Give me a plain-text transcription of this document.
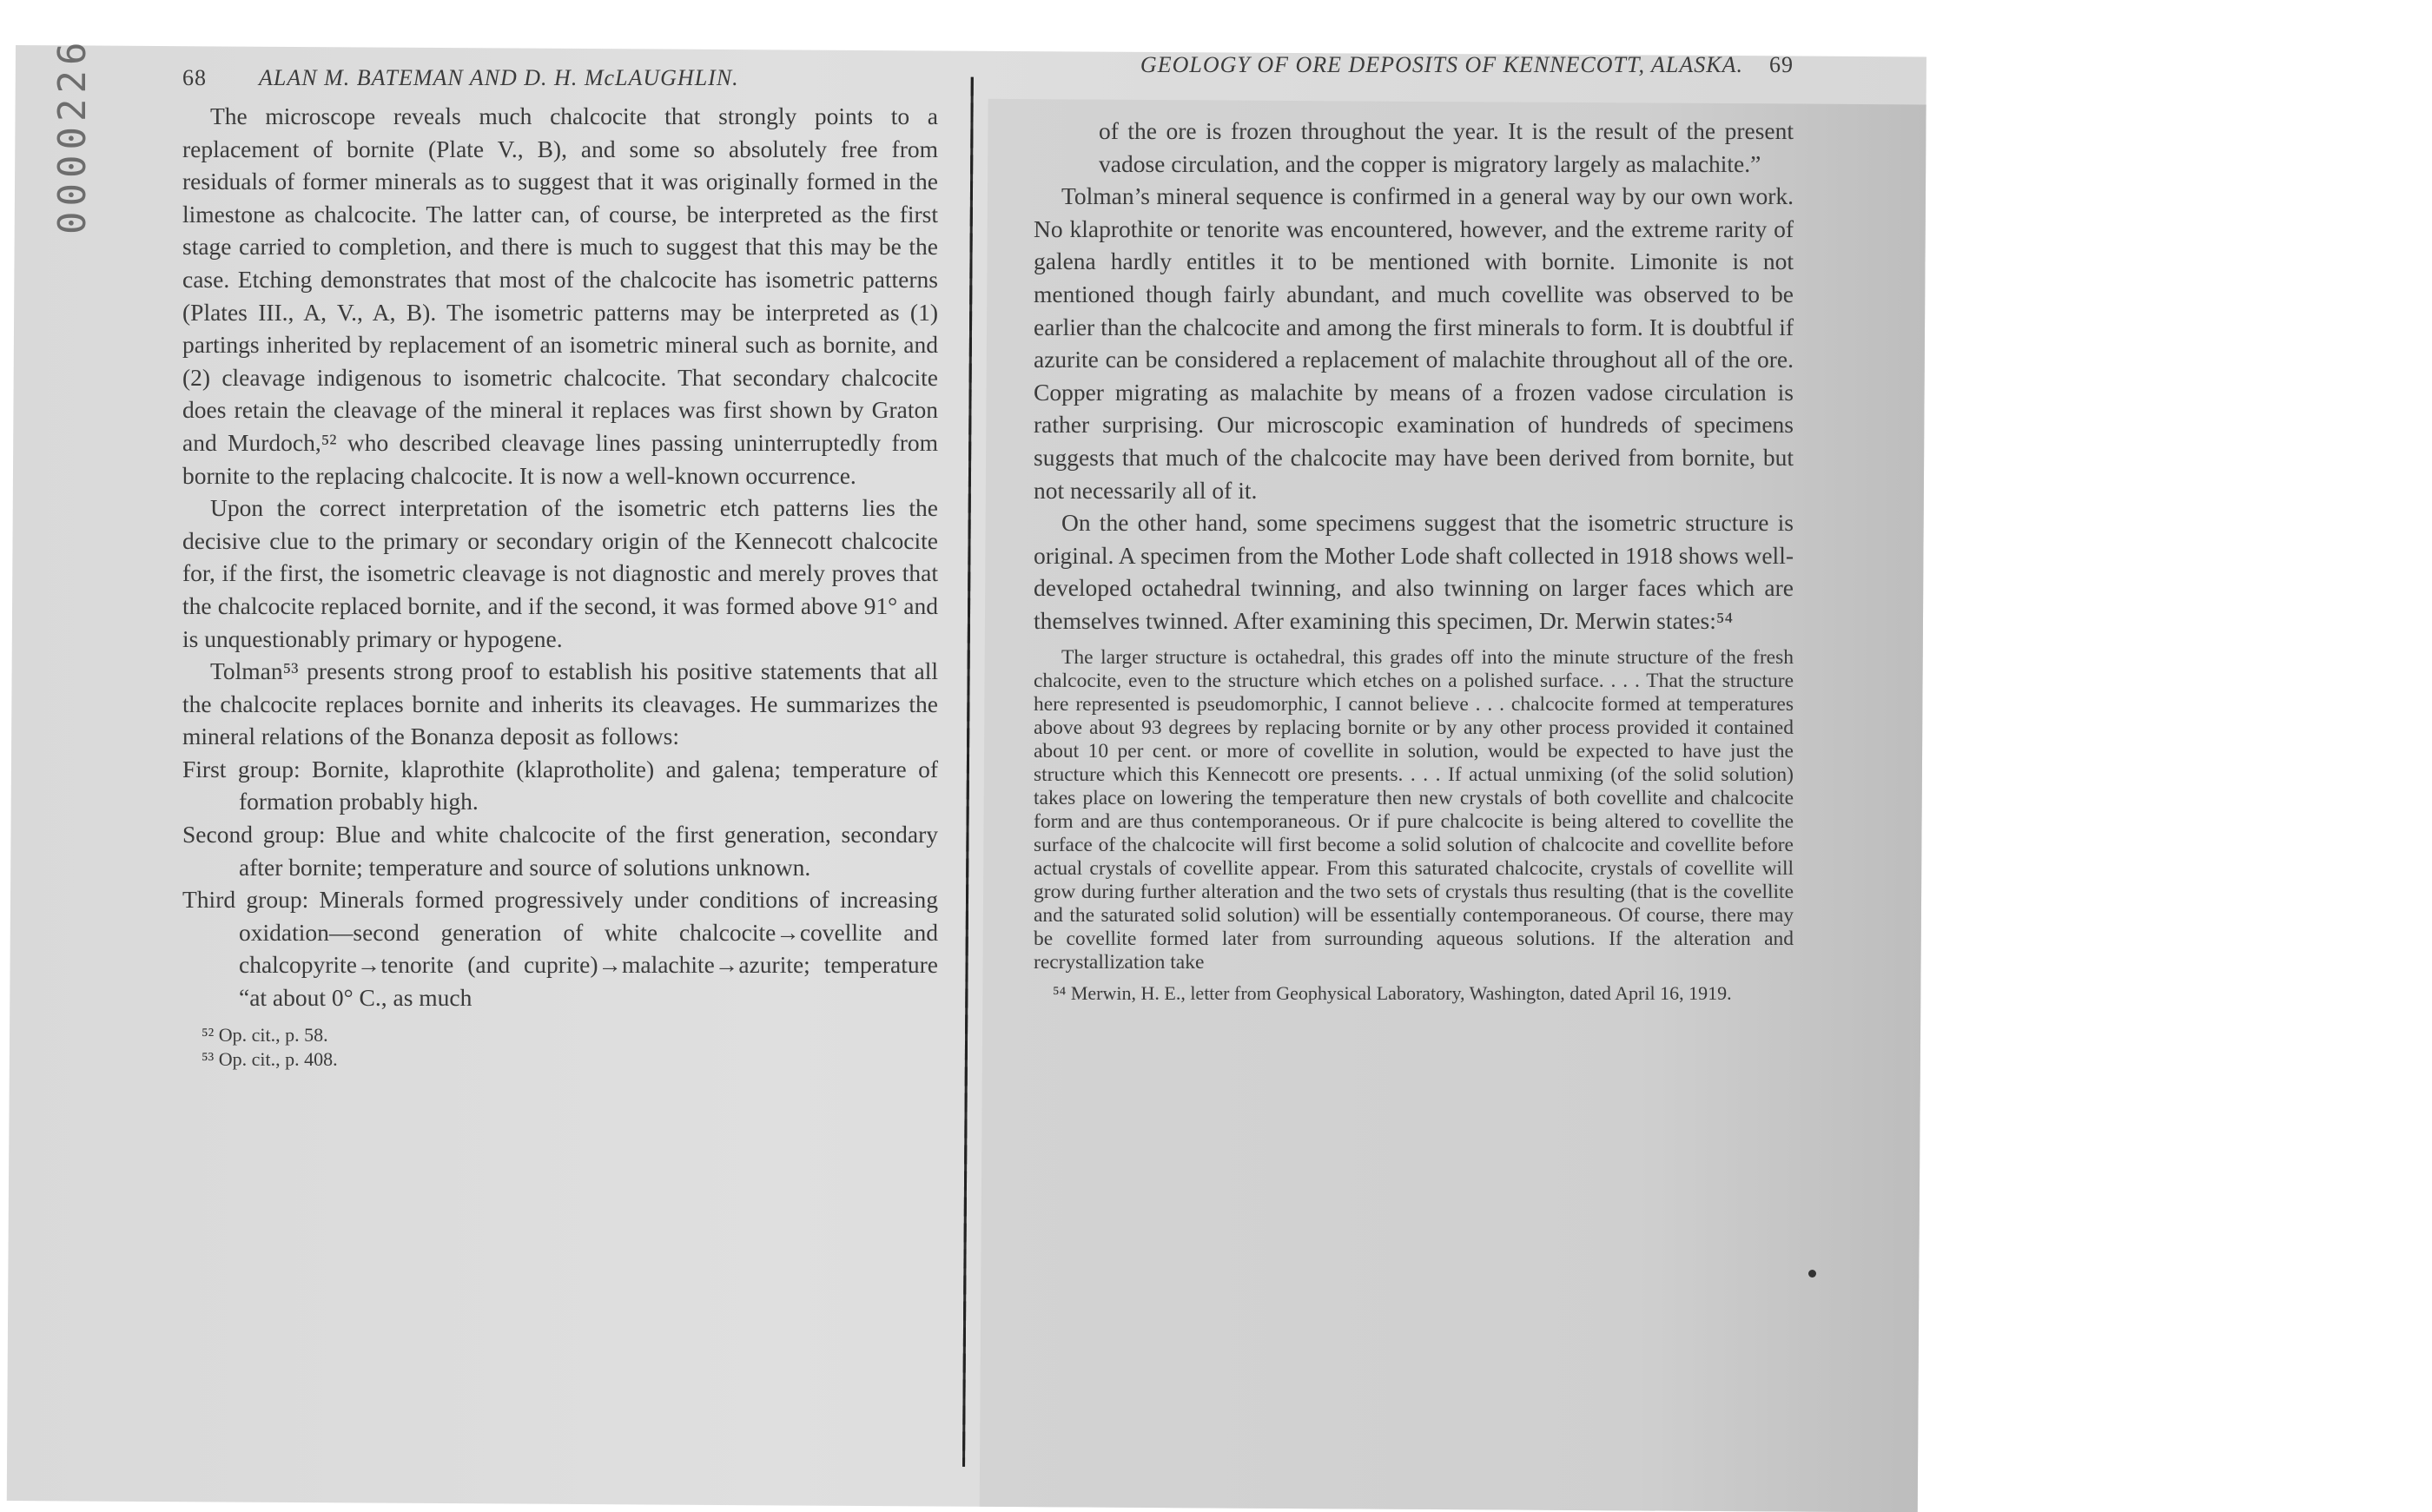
0000226	68 ALAN M. BATEMAN AND D. H. McLAUGHLIN.

The microscope reveals much chalcocite that strongly points to a replacement of bornite (Plate V., B), and some so absolutely free from residuals of former minerals as to suggest that it was originally formed in the limestone as chalcocite. The latter can, of course, be interpreted as the first stage carried to completion, and there is much to suggest that this may be the case. Etching demonstrates that most of the chalcocite has isometric patterns (Plates III., A, V., A, B). The isometric patterns may be interpreted as (1) partings inherited by replacement of an isometric mineral such as bornite, and (2) cleavage indigenous to isometric chalcocite. That secondary chalcocite does retain the cleavage of the mineral it replaces was first shown by Graton and Murdoch,⁵² who described cleavage lines passing uninterruptedly from bornite to the replacing chalcocite. It is now a well-known occurrence.

Upon the correct interpretation of the isometric etch patterns lies the decisive clue to the primary or secondary origin of the Kennecott chalcocite for, if the first, the isometric cleavage is not diagnostic and merely proves that the chalcocite replaced bornite, and if the second, it was formed above 91° and is unquestionably primary or hypogene.

Tolman⁵³ presents strong proof to establish his positive statements that all the chalcocite replaces bornite and inherits its cleavages. He summarizes the mineral relations of the Bonanza deposit as follows:

First group: Bornite, klaprothite (klaprotholite) and galena; temperature of formation probably high.

Second group: Blue and white chalcocite of the first generation, secondary after bornite; temperature and source of solutions unknown.

Third group: Minerals formed progressively under conditions of increasing oxidation—second generation of white chalcocite→covellite and chalcopyrite→tenorite (and cuprite)→malachite→azurite; temperature “at about 0° C., as much

⁵² Op. cit., p. 58.

⁵³ Op. cit., p. 408.

GEOLOGY OF ORE DEPOSITS OF KENNECOTT, ALASKA. 69

of the ore is frozen throughout the year. It is the result of the present vadose circulation, and the copper is migratory largely as malachite.”

Tolman’s mineral sequence is confirmed in a general way by our own work. No klaprothite or tenorite was encountered, however, and the extreme rarity of galena hardly entitles it to be mentioned with bornite. Limonite is not mentioned though fairly abundant, and much covellite was observed to be earlier than the chalcocite and among the first minerals to form. It is doubtful if azurite can be considered a replacement of malachite throughout all of the ore. Copper migrating as malachite by means of a frozen vadose circulation is rather surprising. Our microscopic examination of hundreds of specimens suggests that much of the chalcocite may have been derived from bornite, but not necessarily all of it.

On the other hand, some specimens suggest that the isometric structure is original. A specimen from the Mother Lode shaft collected in 1918 shows well-developed octahedral twinning, and also twinning on larger faces which are themselves twinned. After examining this specimen, Dr. Merwin states:⁵⁴

The larger structure is octahedral, this grades off into the minute structure of the fresh chalcocite, even to the structure which etches on a polished surface. . . . That the structure here represented is pseudomorphic, I cannot believe . . . chalcocite formed at temperatures above about 93 degrees by replacing bornite or by any other process provided it contained about 10 per cent. or more of covellite in solution, would be expected to have just the structure which this Kennecott ore presents. . . . If actual unmixing (of the solid solution) takes place on lowering the temperature then new crystals of both covellite and chalcocite form and are thus contemporaneous. Or if pure chalcocite is being altered to covellite the surface of the chalcocite will first become a solid solution of chalcocite and covellite before actual crystals of covellite appear. From this saturated chalcocite, crystals of covellite will grow during further alteration and the two sets of crystals thus resulting (that is the covellite and the saturated solid solution) will be essentially contemporaneous. Of course, there may be covellite formed later from surrounding aqueous solutions. If the alteration and recrystallization take

⁵⁴ Merwin, H. E., letter from Geophysical Laboratory, Washington, dated April 16, 1919.
